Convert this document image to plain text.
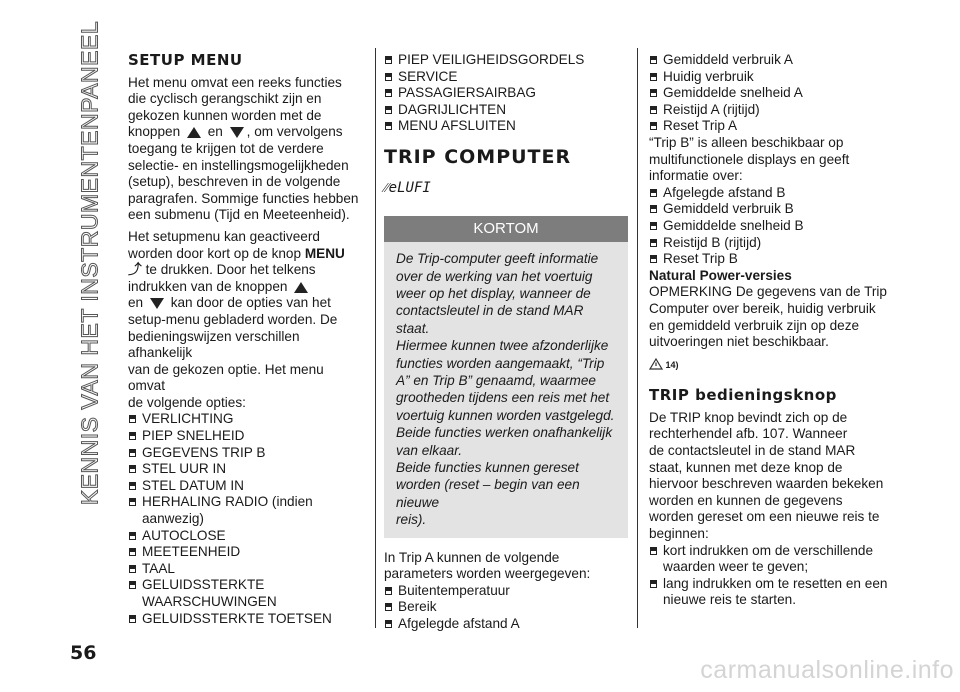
KENNIS VAN HET INSTRUMENTENPANEEL SETUP MENU

Het menu omvat een reeks functies

die cyclisch gerangschikt zijn en

gekozen kunnen worden met de

knoppen en , om vervolgens

toegang te krijgen tot de verdere

selectie- en instellingsmogelijkheden

(setup), beschreven in de volgende

paragrafen. Sommige functies hebben

een submenu (Tijd en Meeteenheid).

Het setupmenu kan geactiveerd

worden door kort op de knop MENU

⤴ te drukken. Door het telkens

indrukken van de knoppen

en kan door de opties van het

setup-menu gebladerd worden. De

bedieningswijzen verschillen afhankelijk

van de gekozen optie. Het menu omvat

de volgende opties:

VERLICHTING
PIEP SNELHEID
GEGEVENS TRIP B
STEL UUR IN
STEL DATUM IN
HERHALING RADIO (indien aanwezig)
AUTOCLOSE
MEETEENHEID
TAAL
GELUIDSSTERKTE WAARSCHUWINGEN
GELUIDSSTERKTE TOETSEN
PIEP VEILIGHEIDSGORDELS
SERVICE
PASSAGIERSAIRBAG
DAGRIJLICHTEN
MENU AFSLUITEN
TRIP COMPUTER
⁄⁄eLUFI
KORTOM

De Trip-computer geeft informatie

over de werking van het voertuig

weer op het display, wanneer de

contactsleutel in de stand MAR staat.

Hiermee kunnen twee afzonderlijke

functies worden aangemaakt, “Trip

A” en Trip B” genaamd, waarmee

grootheden tijdens een reis met het

voertuig kunnen worden vastgelegd.

Beide functies werken onafhankelijk

van elkaar.

Beide functies kunnen gereset

worden (reset – begin van een nieuwe

reis).

In Trip A kunnen de volgende

parameters worden weergegeven:

Buitentemperatuur
Bereik
Afgelegde afstand A
Gemiddeld verbruik A
Huidig verbruik
Gemiddelde snelheid A
Reistijd A (rijtijd)
Reset Trip A

“Trip B” is alleen beschikbaar op

multifunctionele displays en geeft

informatie over:

Afgelegde afstand B
Gemiddeld verbruik B
Gemiddelde snelheid B
Reistijd B (rijtijd)
Reset Trip B
Natural Power-versies

OPMERKING De gegevens van de Trip

Computer over bereik, huidig verbruik

en gemiddeld verbruik zijn op deze

uitvoeringen niet beschikbaar.

14)
TRIP bedieningsknop

De TRIP knop bevindt zich op de

rechterhendel afb. 107. Wanneer

de contactsleutel in de stand MAR

staat, kunnen met deze knop de

hiervoor beschreven waarden bekeken

worden en kunnen de gegevens

worden gereset om een nieuwe reis te

beginnen:

kort indrukken om de verschillende waarden weer te geven;
lang indrukken om te resetten en een nieuwe reis te starten.
56
carmanualsonline.info
